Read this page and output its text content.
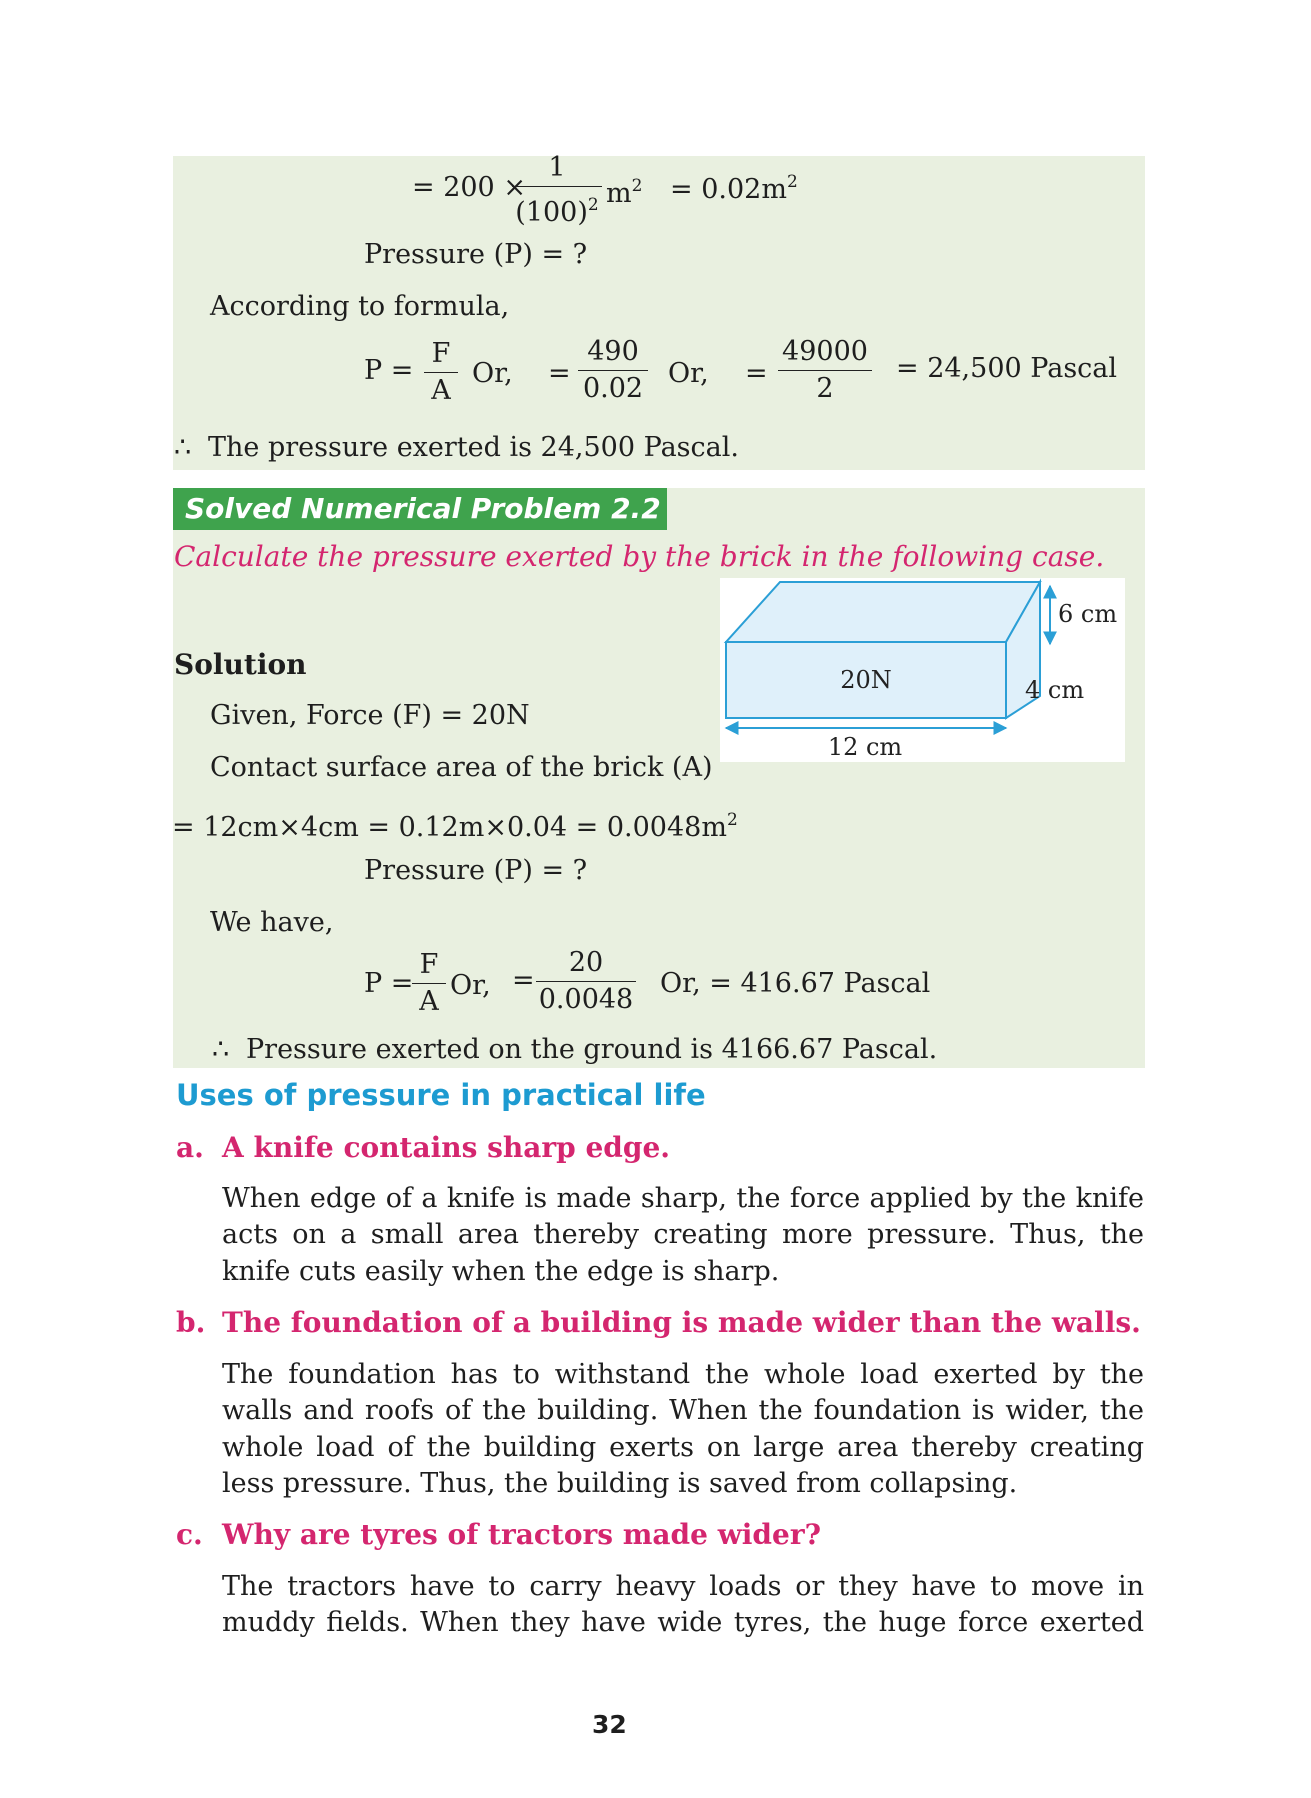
= 200 ×
$\frac{1}{(100)^2} m^2 = 0.02m^2$
Pressure (P) = ?
According to formula,
$P = \frac{F}{A} Or$, = $\frac{490}{0.02} Or$, = $\frac{49000}{2} = 24,500$ Pascal
∴ The pressure exerted is 24,500 Pascal.
Solved Numerical Problem 2.2
Calculate the pressure exerted by the brick in the following case.
20N
6 cm
4 cm
12 cm
Solution
Given, Force (F) = 20N
Contact surface area of the brick (A)
= $12cm\times 4cm = 0.12m\times 0.04 = 0.0048m^2$
Pressure (P) = ?
We have,
P =
$\frac{F}{A} Or$, = $\frac{20}{0.0048} Or$, = 416.67 Pascal
∴ Pressure exerted on the ground is 4166.67 Pascal.
Uses of pressure in practical life
a. A knife contains sharp edge.
When edge of a knife is made sharp, the force applied by the knife
acts on a small area thereby creating more pressure. Thus, the
knife cuts easily when the edge is sharp.
b. The foundation of a building is made wider than the walls.
The foundation has to withstand the whole load exerted by the
walls and roofs of the building. When the foundation is wider, the
whole load of the building exerts on large area thereby creating
less pressure. Thus, the building is saved from collapsing.
c. Why are tyres of tractors made wider?
The tractors have to carry heavy loads or they have to move in
muddy fields. When they have wide tyres, the huge force exerted
32
